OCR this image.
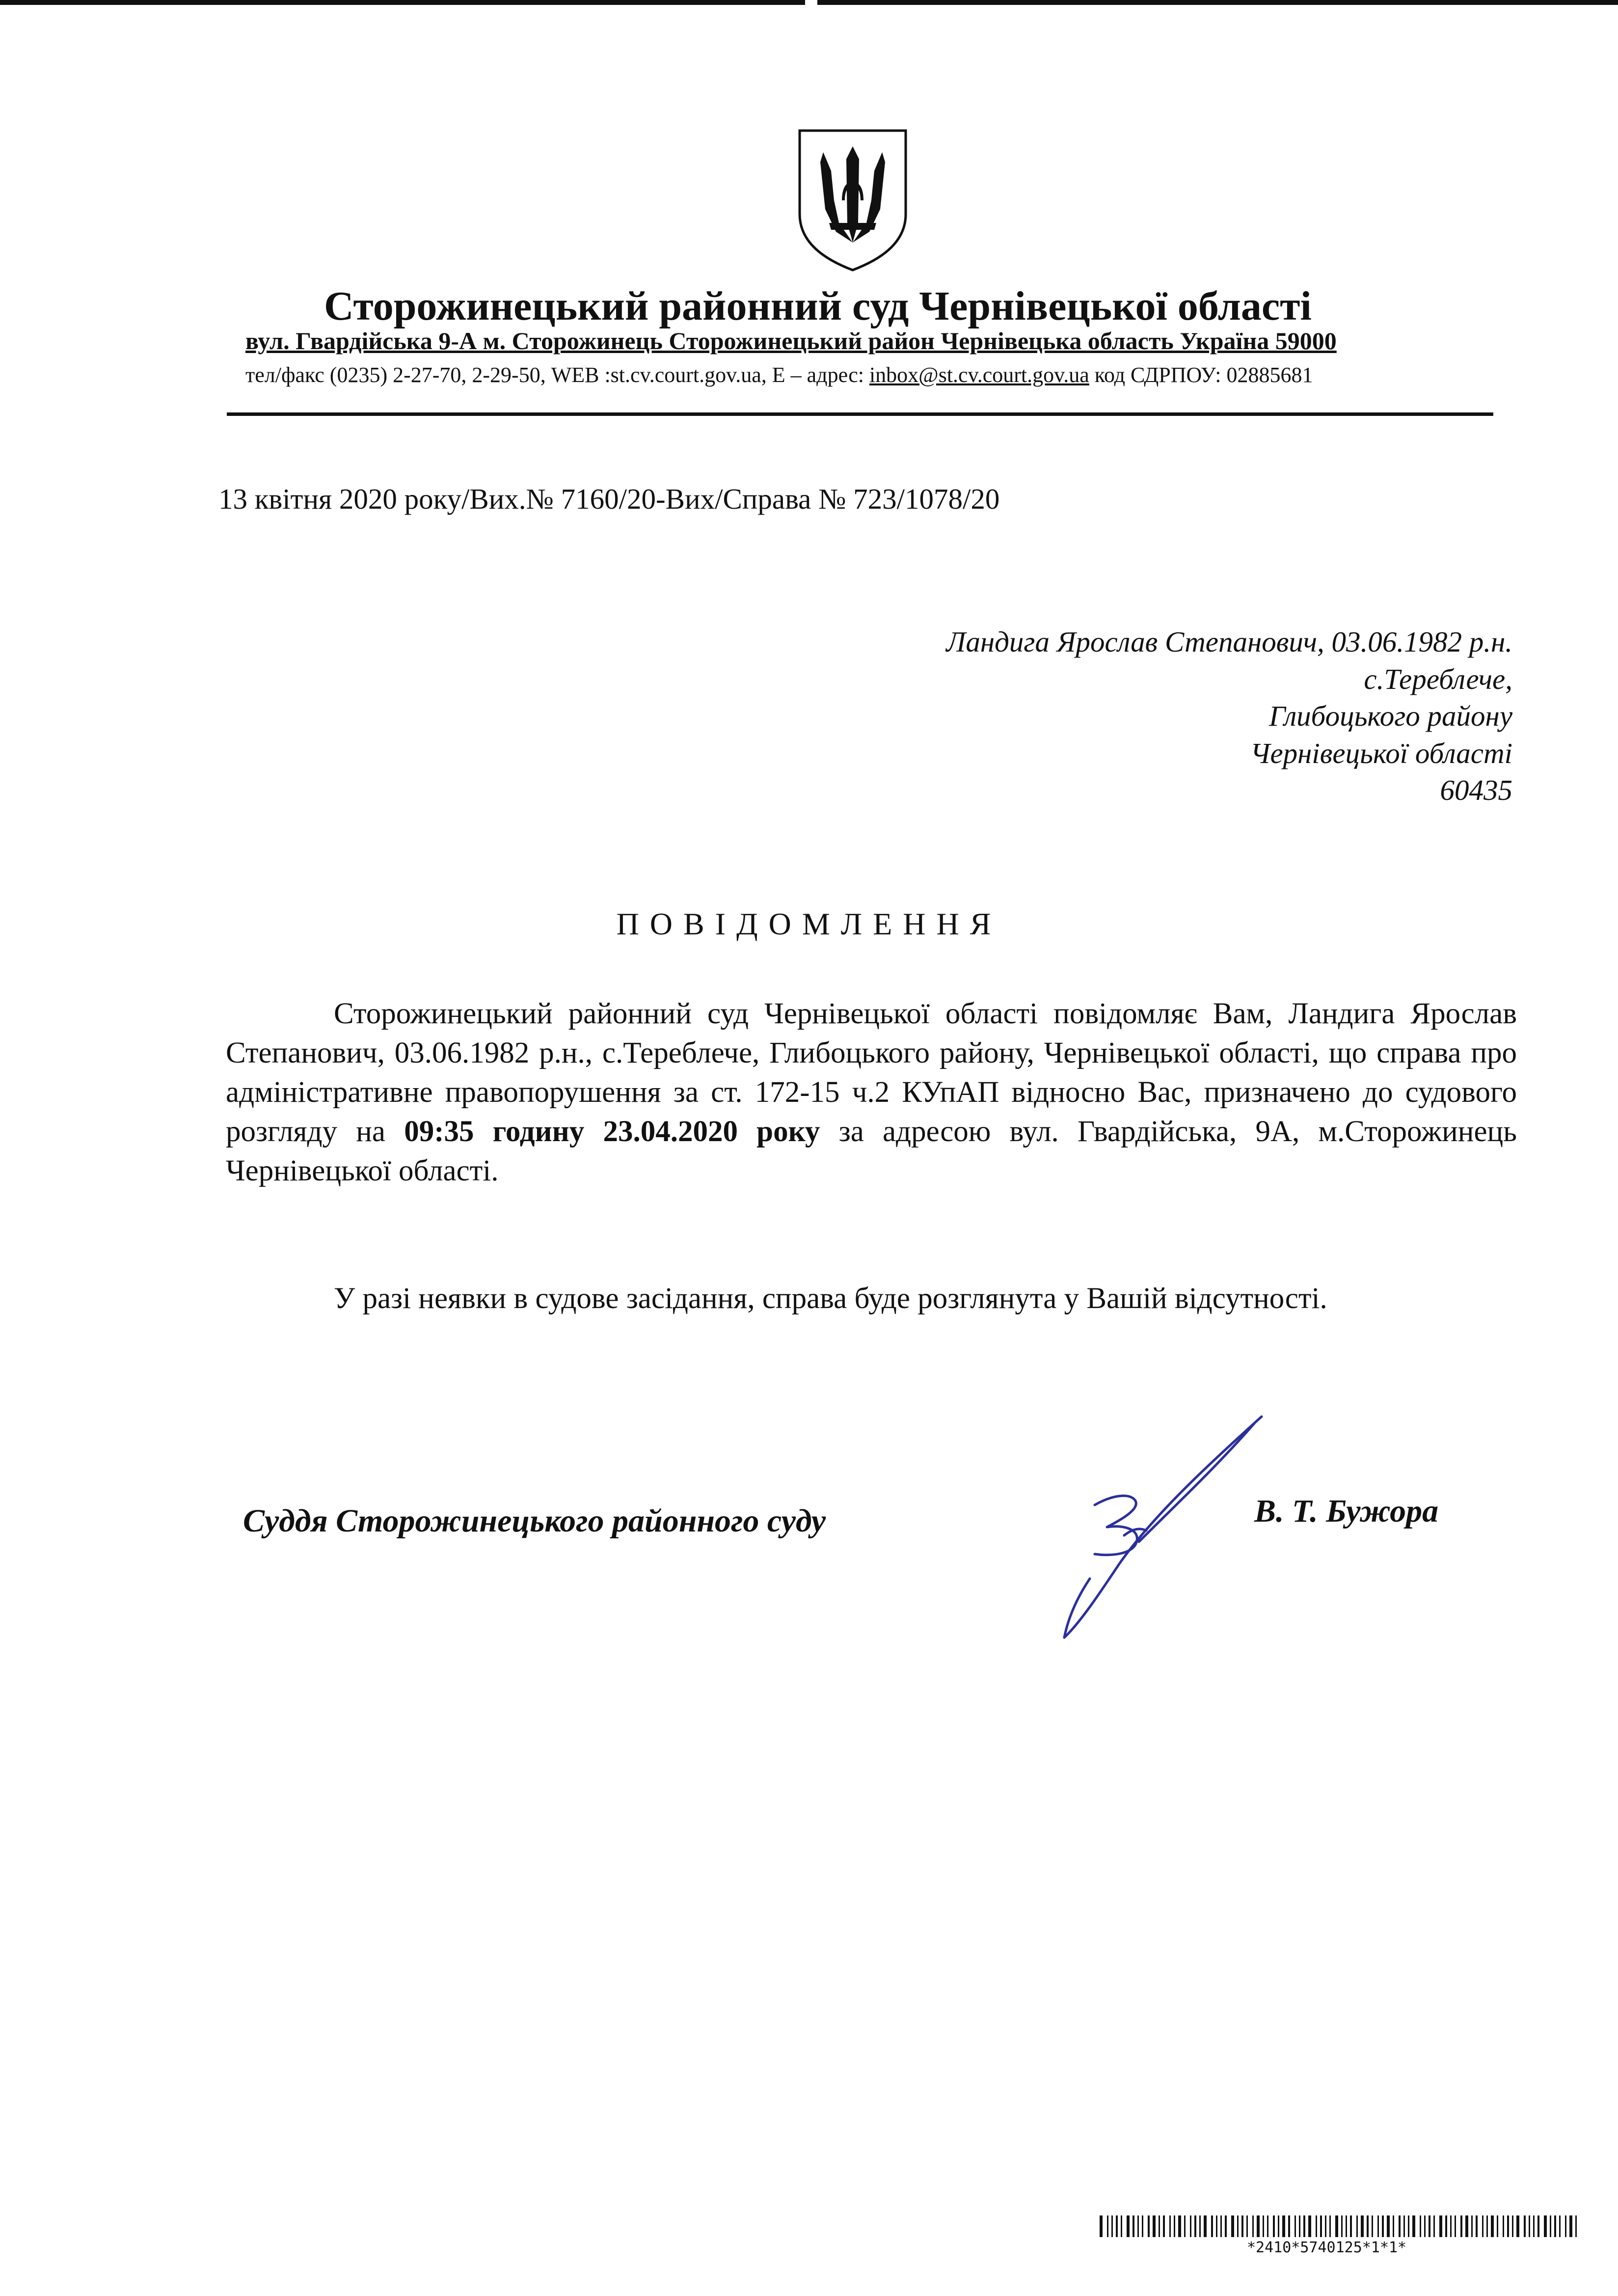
Сторожинецький районний суд Чернівецької області
вул. Гвардійська 9-А м. Сторожинець Сторожинецький район Чернівецька область Україна 59000
тел/факс (0235) 2-27-70, 2-29-50, WEB :st.cv.court.gov.ua, E – адрес: inbox@st.cv.court.gov.ua код СДРПОУ: 02885681
13 квітня 2020 року/Вих.№ 7160/20-Вих/Справа № 723/1078/20
Ландига Ярослав Степанович, 03.06.1982 р.н.
с.Тереблече,
Глибоцького району
Чернівецької області
60435
ПОВІДОМЛЕННЯ
Сторожинецький районний суд Чернівецької області повідомляє Вам, Ландига Ярослав Степанович, 03.06.1982 р.н., с.Тереблече, Глибоцького району, Чернівецької області, що справа про адміністративне правопорушення за ст. 172-15 ч.2 КУпАП відносно Вас, призначено до судового розгляду на 09:35 годину 23.04.2020 року за адресою вул. Гвардійська, 9А, м.Сторожинець Чернівецької області.
У разі неявки в судове засідання, справа буде розглянута у Вашій відсутності.
Суддя Сторожинецького районного суду	В. Т. Бужора
*2410*5740125*1*1*
